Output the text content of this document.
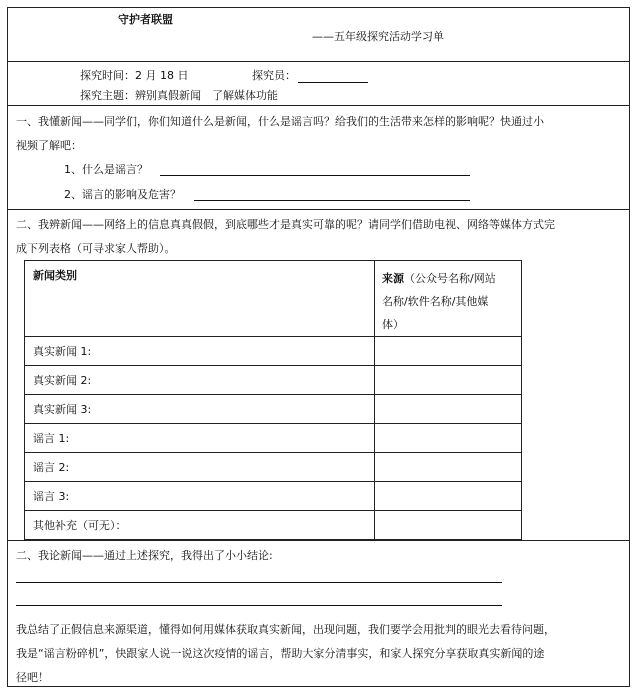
守护者联盟
——五年级探究活动学习单
探究时间：2 月 18 日	探究员：
探究主题：辨别真假新闻　了解媒体功能
一、我懂新闻——同学们，你们知道什么是新闻，什么是谣言吗？给我们的生活带来怎样的影响呢？快通过小
视频了解吧：
1、什么是谣言？
2、谣言的影响及危害？
二、我辨新闻——网络上的信息真真假假，到底哪些才是真实可靠的呢？请同学们借助电视、网络等媒体方式完
成下列表格（可寻求家人帮助）。
新闻类别	来源（公众号名称/网站
名称/软件名称/其他媒
体）
真实新闻 1:
真实新闻 2:
真实新闻 3:
谣言 1:
谣言 2:
谣言 3:
其他补充（可无）：
二、我论新闻——通过上述探究，我得出了小小结论:
我总结了正假信息来源渠道，懂得如何用媒体获取真实新闻，出现问题，我们要学会用批判的眼光去看待问题，
我是“谣言粉碎机”，快跟家人说一说这次疫情的谣言，帮助大家分清事实，和家人探究分享获取真实新闻的途
径吧！
